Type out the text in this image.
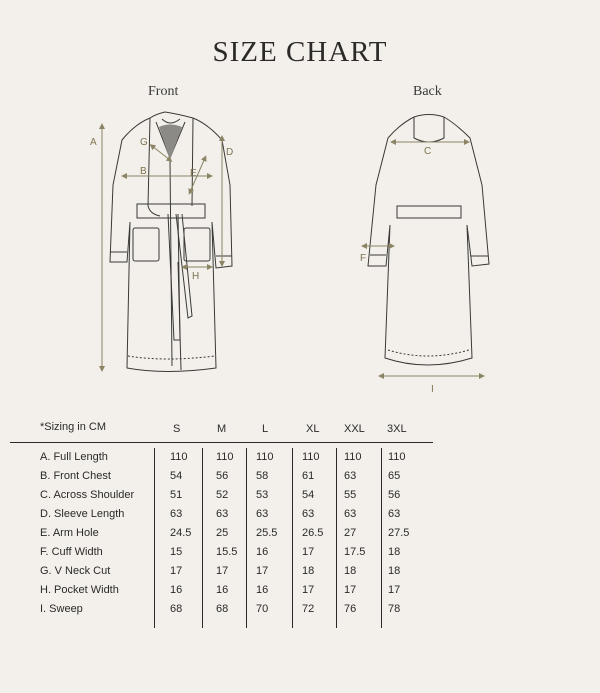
SIZE CHART
Front	Back
A
B
G
D
E
H
C
F
I
*Sizing in CM	S	M	L	XL XXL 3XL
A. Full Length	110	110 110	110 110 110
B. Front Chest	54	56	58	61	63	65
C. Across Shoulder	51	52	53	54	55	56
D. Sleeve Length	63	63	63	63	63	63
E. Arm Hole	24.5 25	25.5 26.5 27	27.5
F. Cuff Width	15	15.5 16	17	17.5 18
G. V Neck Cut	17	17	17	18	18	18
H. Pocket Width	16	16	16	17	17	17
I. Sweep	68	68	70	72	76	78
